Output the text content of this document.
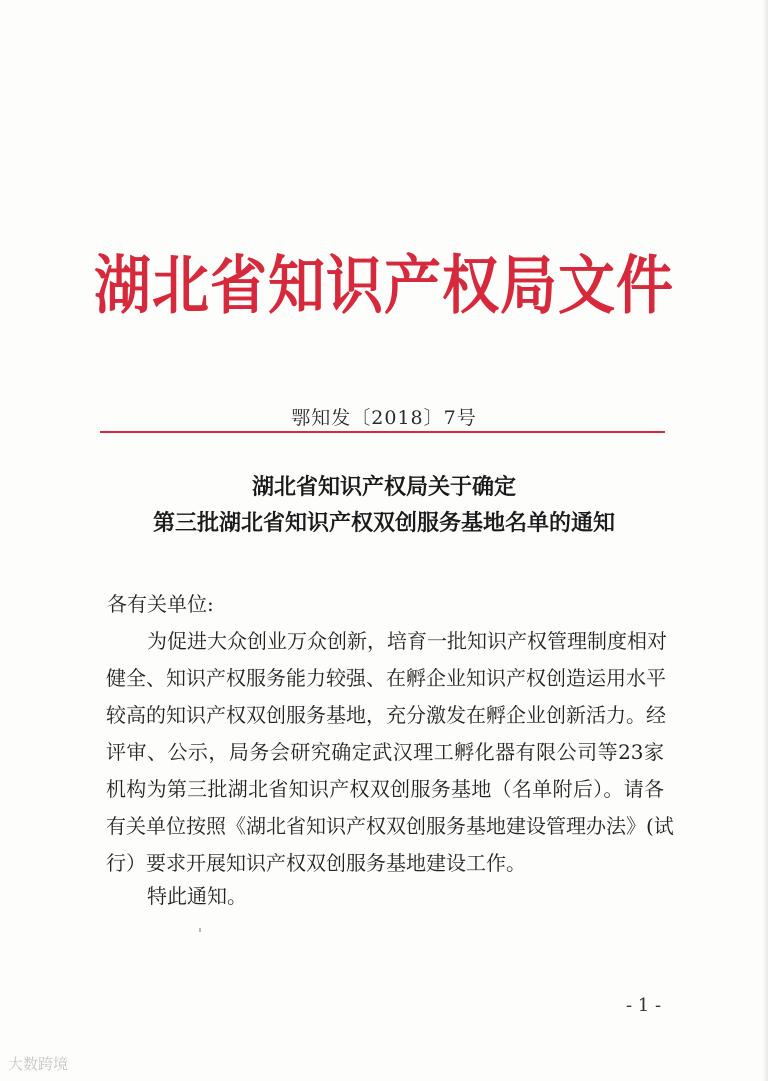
湖北省知识产权局文件
鄂知发〔2018〕7号
湖北省知识产权局关于确定
第三批湖北省知识产权双创服务基地名单的通知
各有关单位:
为促进大众创业万众创新，培育一批知识产权管理制度相对
健全、知识产权服务能力较强、在孵企业知识产权创造运用水平
较高的知识产权双创服务基地，充分激发在孵企业创新活力。经
评审、公示，局务会研究确定武汉理工孵化器有限公司等23家
机构为第三批湖北省知识产权双创服务基地（名单附后）。请各
有关单位按照《湖北省知识产权双创服务基地建设管理办法》(试
行）要求开展知识产权双创服务基地建设工作。
特此通知。
- 1 -
大数跨境
